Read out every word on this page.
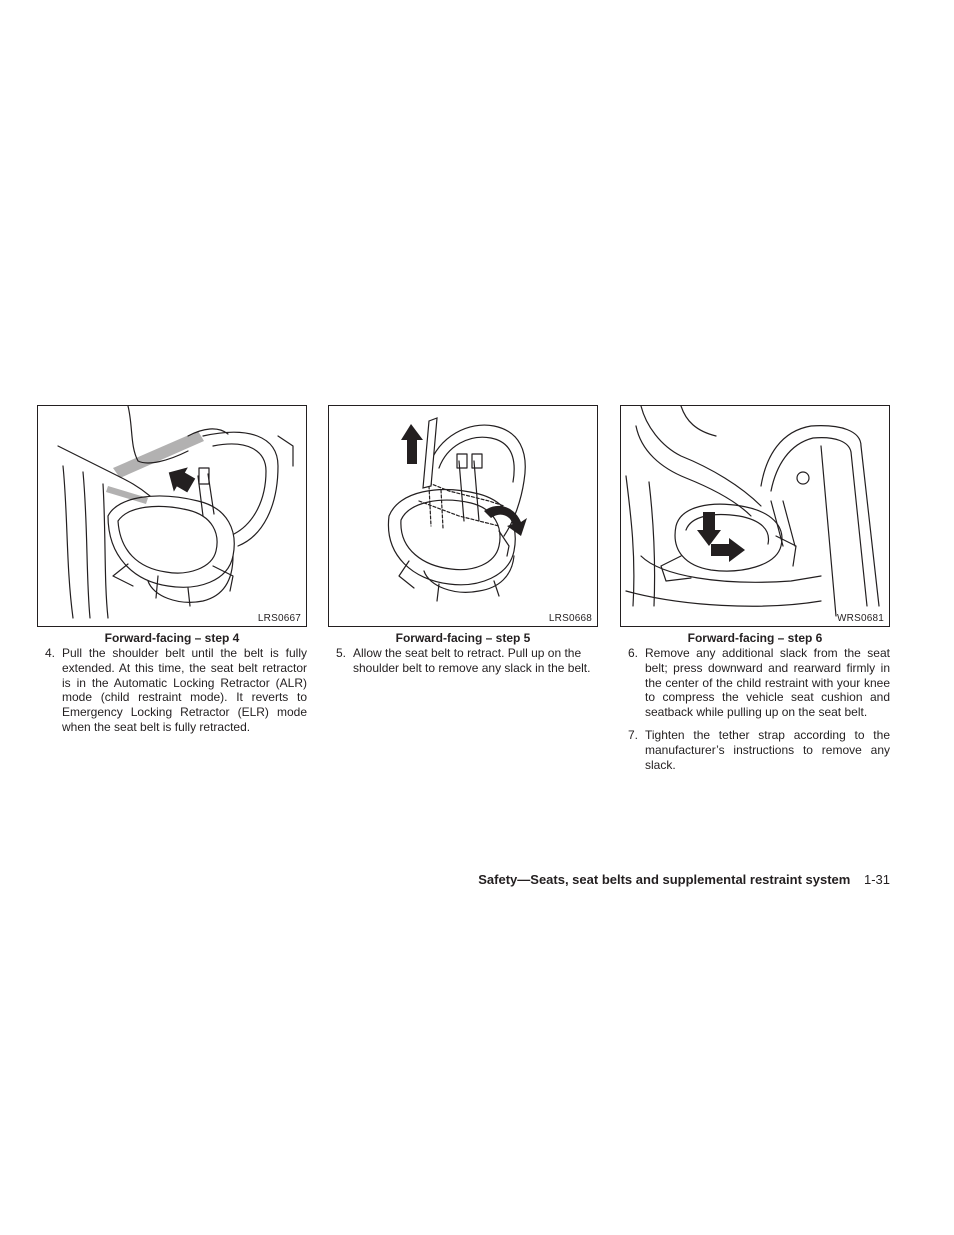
LRS0667
Forward-facing – step 4
4. Pull the shoulder belt until the belt is fully extended. At this time, the seat belt retractor is in the Automatic Locking Retractor (ALR) mode (child restraint mode). It reverts to Emergency Locking Retractor (ELR) mode when the seat belt is fully retracted.
LRS0668
Forward-facing – step 5
5. Allow the seat belt to retract. Pull up on the shoulder belt to remove any slack in the belt.
WRS0681
Forward-facing – step 6
6. Remove any additional slack from the seat belt; press downward and rearward firmly in the center of the child restraint with your knee to compress the vehicle seat cushion and seatback while pulling up on the seat belt.
7. Tighten the tether strap according to the manufacturer’s instructions to remove any slack.
Safety—Seats, seat belts and supplemental restraint system 1-31
